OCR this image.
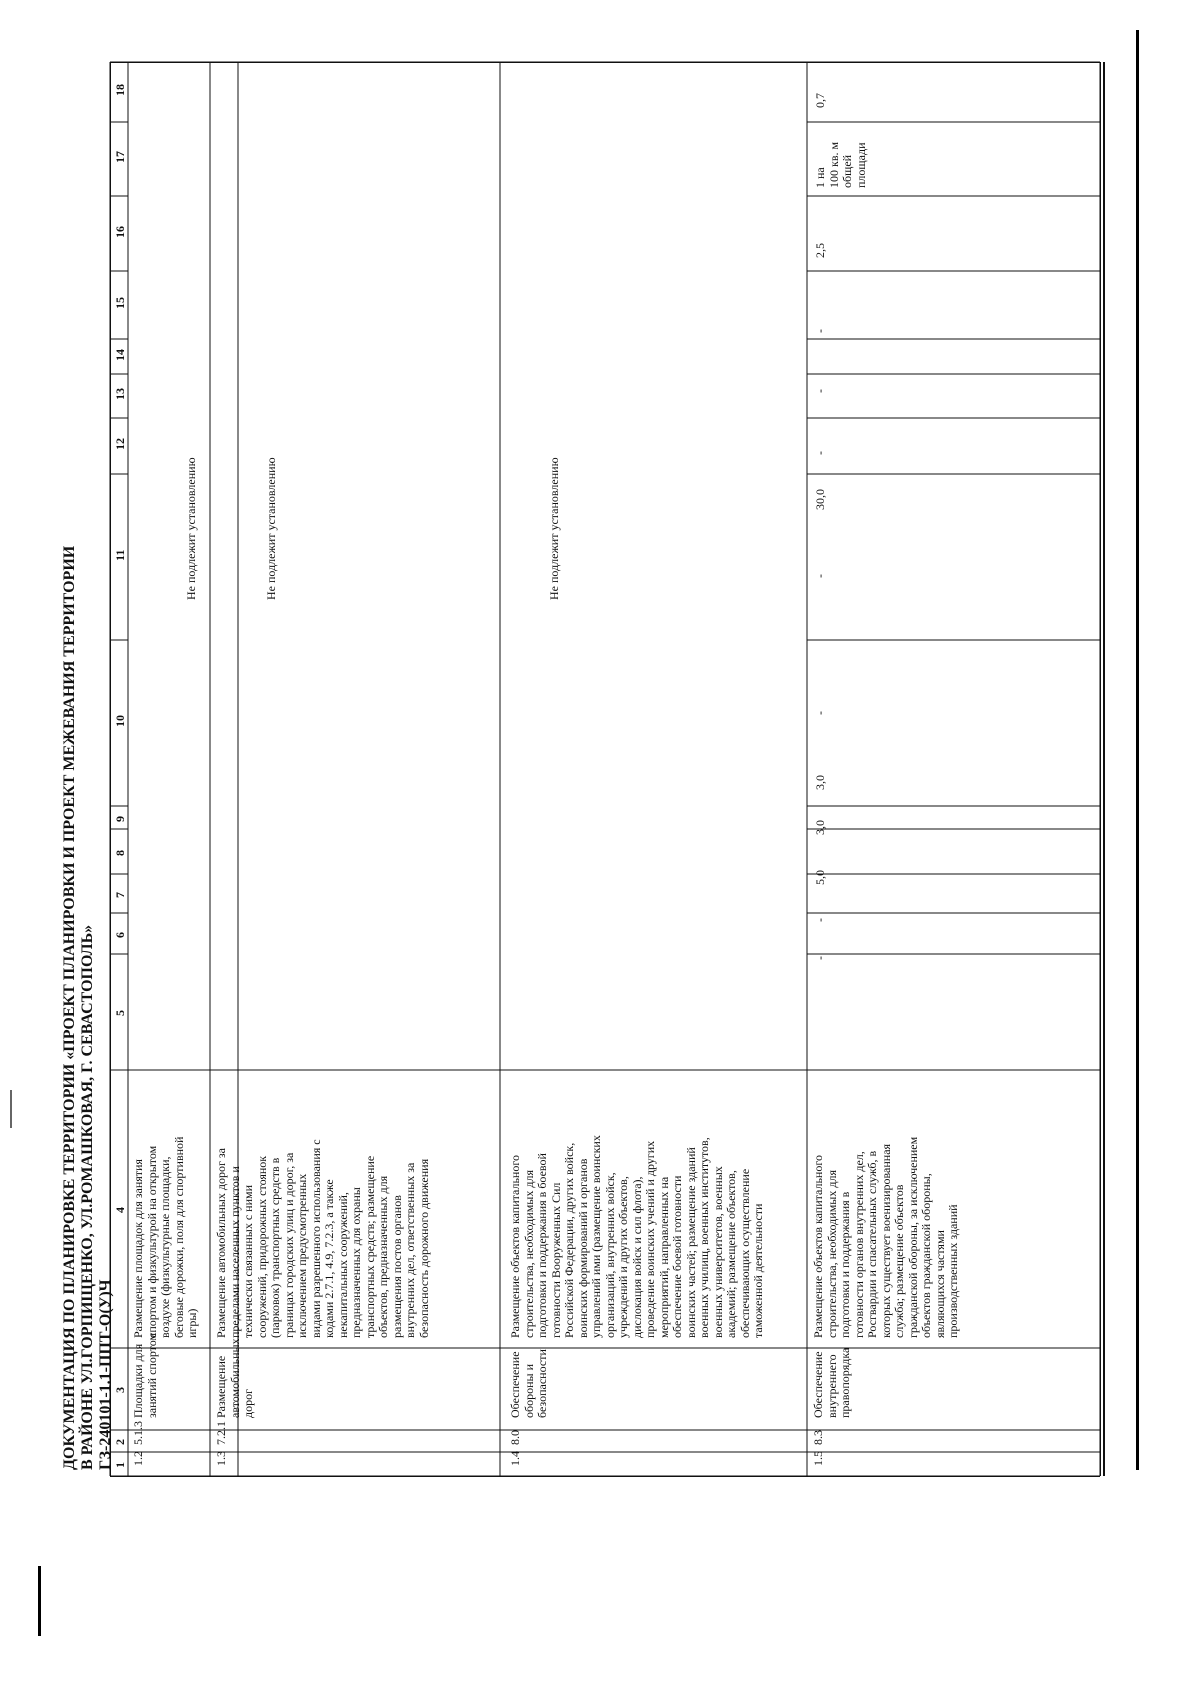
ДОКУМЕНТАЦИЯ ПО ПЛАНИРОВКЕ ТЕРРИТОРИИ «ПРОЕКТ ПЛАНИРОВКИ И ПРОЕКТ МЕЖЕВАНИЯ ТЕРРИТОРИИ В РАЙОНЕ УЛ.ГОРПИЩЕНКО, УЛ.РОМАШКОВАЯ, Г. СЕВАСТОПОЛЬ» ГЗ-240101-1.1-ППТ-О(У)Ч 1
2
3
4
5
6
7
8
9
10
11
12
13
14
15
16
17
18
1.2
5.1.3

Площадки для занятий спортом

Размещение площадок для занятия спортом и физкультурой на открытом воздухе (физкультурные площадки, беговые дорожки, поля для спортивной игры)

Не подлежит установлению
1.3
7.2.1

Размещение автомобильных дорог

Размещение автомобильных дорог за пределами населенных пунктов и технически связанных с ними сооружений, придорожных стоянок (парковок) транспортных средств в границах городских улиц и дорог, за исключением предусмотренных видами разрешенного использования с кодами 2.7.1, 4.9, 7.2.3, а также некапитальных сооружений, предназначенных для охраны транспортных средств; размещение объектов, предназначенных для размещения постов органов внутренних дел, ответственных за безопасность дорожного движения

Не подлежит установлению
1.4
8.0

Обеспечение обороны и безопасности

Размещение объектов капитального строительства, необходимых для подготовки и поддержания в боевой готовности Вооруженных Сил Российской Федерации, других войск, воинских формирований и органов управлений ими (размещение воинских организаций, внутренних войск, учреждений и других объектов, дислокация войск и сил флота), проведение воинских учений и других мероприятий, направленных на обеспечение боевой готовности воинских частей; размещение зданий военных училищ, военных институтов, военных университетов, военных академий; размещение объектов, обеспечивающих осуществление таможенной деятельности

Не подлежит установлению
1.5
8.3

Обеспечение внутреннего правопорядка

Размещение объектов капитального строительства, необходимых для подготовки и поддержания в готовности органов внутренних дел, Росгвардии и спасательных служб, в которых существует военизированная служба; размещение объектов гражданской обороны, за исключением объектов гражданской обороны, являющихся частями производственных зданий

-
-
5,0
3,0
3,0
-
-
30,0
-
-
-
2,5

1 на 100 кв. м общей площади

0,7
